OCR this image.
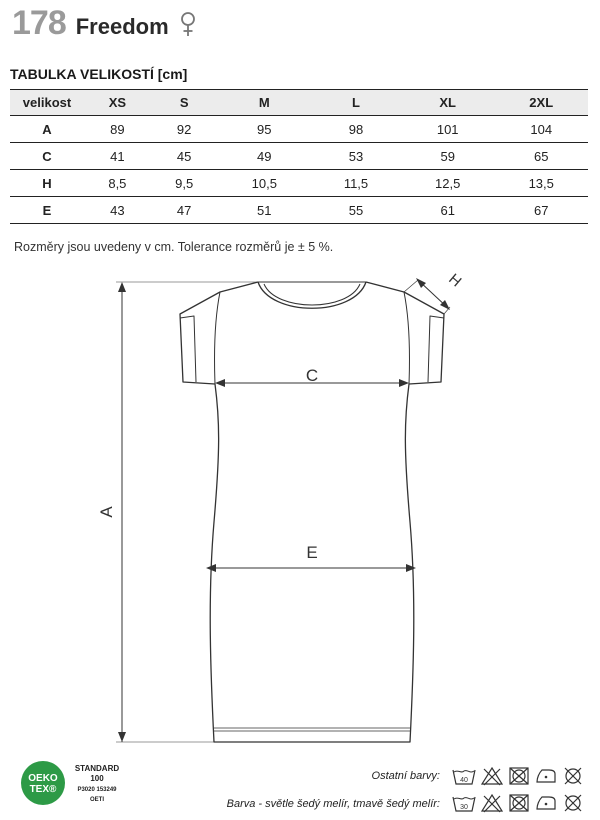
178 Freedom
TABULKA VELIKOSTÍ [cm]
velikost	XS	S	M	L	XL	2XL
A	89	92	95	98	101	104
C	41	45	49	53	59	65
H	8,5	9,5	10,5	11,5	12,5	13,5
E	43	47	51	55	61	67
Rozměry jsou uvedeny v cm. Tolerance rozměrů je ± 5 %.
A
C
E
H
OEKO
TEX®
STANDARD
100
P3020 153249
OETI
Ostatní barvy:	40
Barva - světle šedý melír, tmavě šedý melír:	30
